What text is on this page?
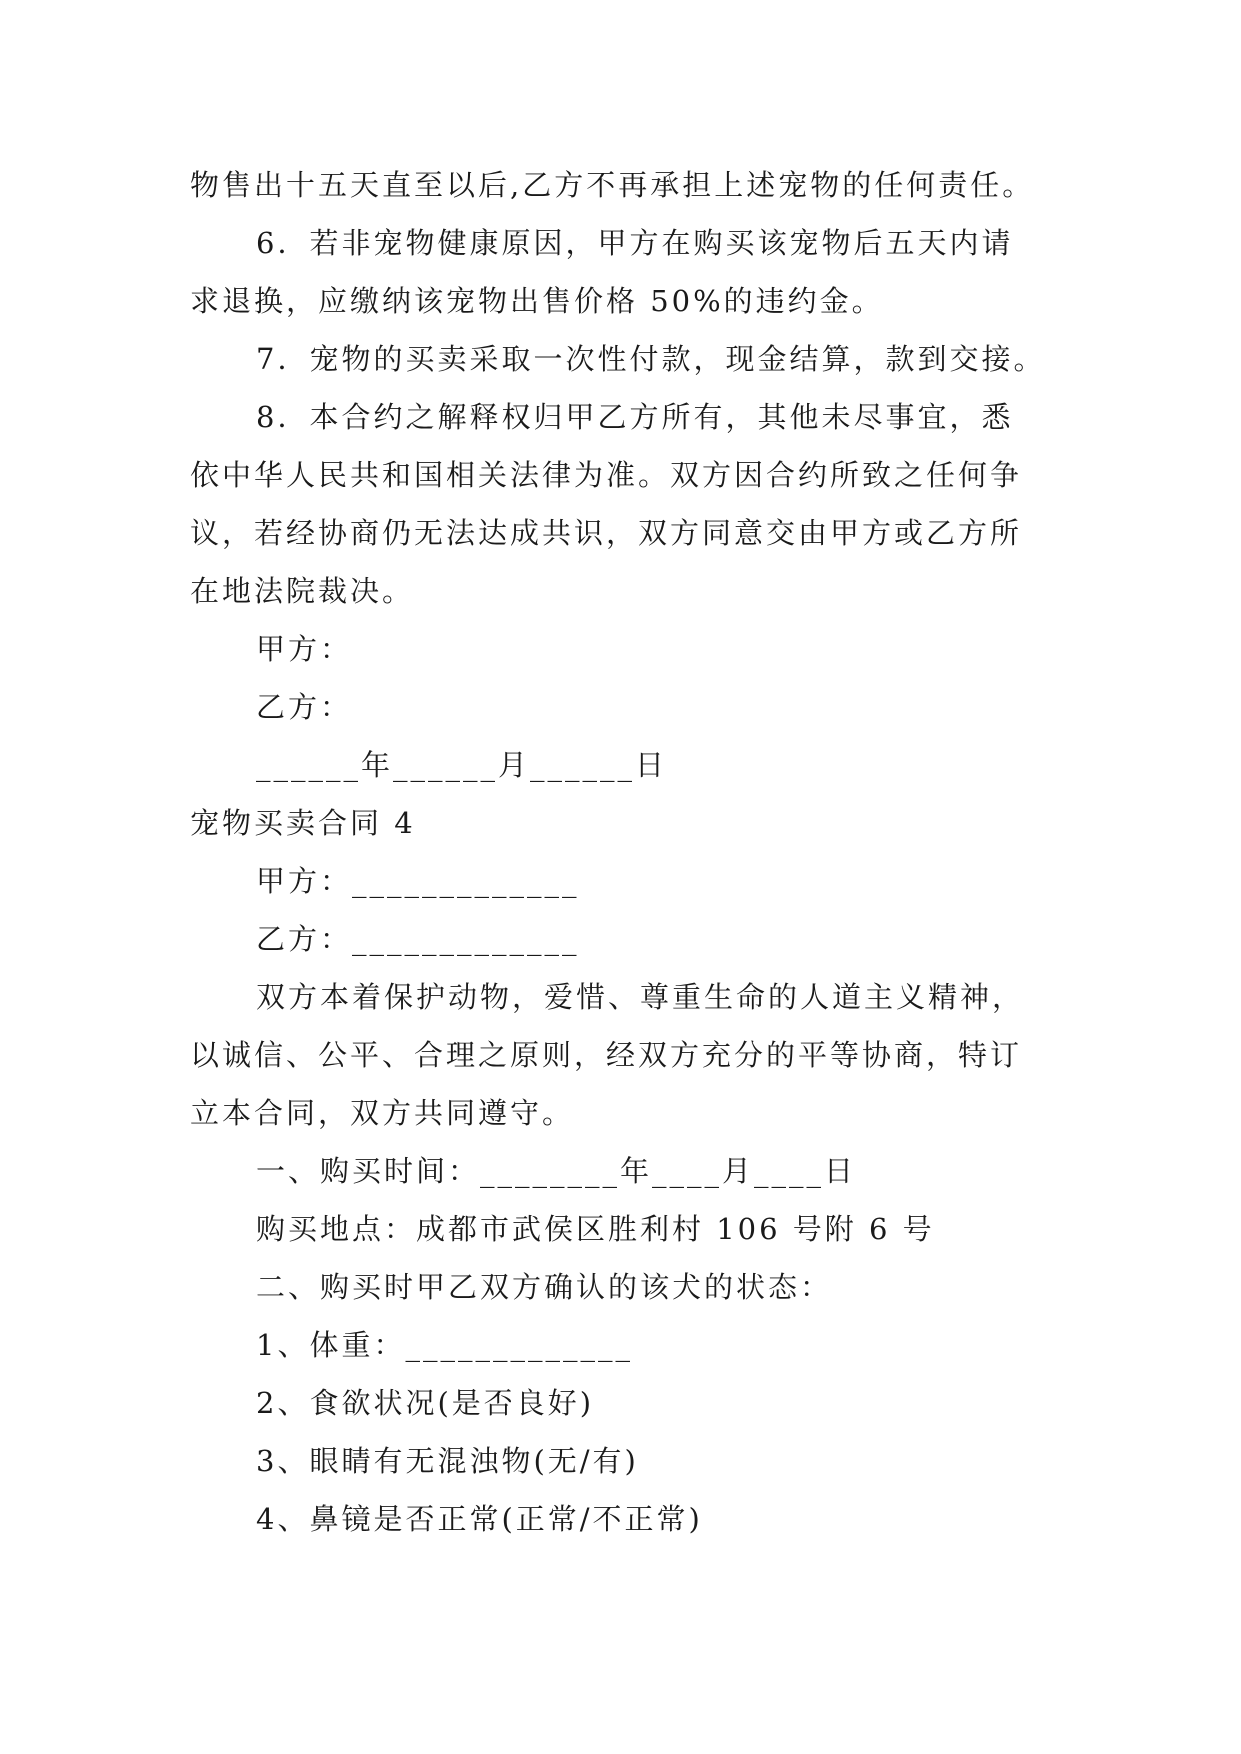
物售出十五天直至以后,乙方不再承担上述宠物的任何责任。
6．若非宠物健康原因，甲方在购买该宠物后五天内请
求退换，应缴纳该宠物出售价格 50%的违约金。
7．宠物的买卖采取一次性付款，现金结算，款到交接。
8．本合约之解释权归甲乙方所有，其他未尽事宜，悉
依中华人民共和国相关法律为准。双方因合约所致之任何争
议，若经协商仍无法达成共识，双方同意交由甲方或乙方所
在地法院裁决。
甲方：
乙方：
______年______月______日
宠物买卖合同 4
甲方：_____________
乙方：_____________
双方本着保护动物，爱惜、尊重生命的人道主义精神，
以诚信、公平、合理之原则，经双方充分的平等协商，特订
立本合同，双方共同遵守。
一、购买时间：________年____月____日
购买地点：成都市武侯区胜利村 106 号附 6 号
二、购买时甲乙双方确认的该犬的状态：
1、体重：_____________
2、食欲状况(是否良好)
3、眼睛有无混浊物(无/有)
4、鼻镜是否正常(正常/不正常)
